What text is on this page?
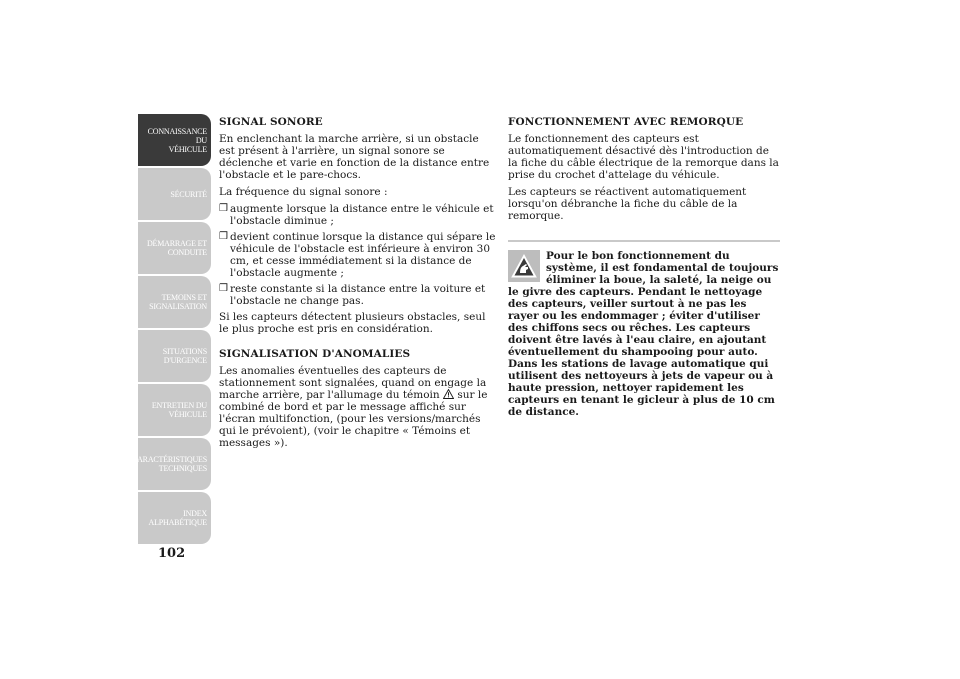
CONNAISSANCE DU
VÉHICULE
SÉCURITÉ
DÉMARRAGE ET
CONDUITE
TEMOINS ET
SIGNALISATION
SITUATIONS
D'URGENCE
ENTRETIEN DU
VÉHICULE
CARACTÉRISTIQUES
TECHNIQUES
INDEX
ALPHABÉTIQUE
102
SIGNAL SONORE
En enclenchant la marche arrière, si un obstacle est présent à l'arrière, un signal sonore se déclenche et varie en fonction de la distance entre l'obstacle et le pare-chocs.
La fréquence du signal sonore :
❒ augmente lorsque la distance entre le véhicule et l'obstacle diminue ;
❒ devient continue lorsque la distance qui sépare le véhicule de l'obstacle est inférieure à environ 30 cm, et cesse immédiatement si la distance de l'obstacle augmente ;
❒ reste constante si la distance entre la voiture et l'obstacle ne change pas.
Si les capteurs détectent plusieurs obstacles, seul le plus proche est pris en considération.
SIGNALISATION D'ANOMALIES
Les anomalies éventuelles des capteurs de stationnement sont signalées, quand on engage la marche arrière, par l'allumage du témoin sur le combiné de bord et par le message affiché sur l'écran multifonction, (pour les versions/marchés qui le prévoient), (voir le chapitre « Témoins et messages »).
FONCTIONNEMENT AVEC REMORQUE
Le fonctionnement des capteurs est automatiquement désactivé dès l'introduction de la fiche du câble électrique de la remorque dans la prise du crochet d'attelage du véhicule.
Les capteurs se réactivent automatiquement lorsqu'on débranche la fiche du câble de la remorque.
Pour le bon fonctionnement du système, il est fondamental de toujours éliminer la boue, la saleté, la neige ou le givre des capteurs. Pendant le nettoyage des capteurs, veiller surtout à ne pas les rayer ou les endommager ; éviter d'utiliser des chiffons secs ou rêches. Les capteurs doivent être lavés à l'eau claire, en ajoutant éventuellement du shampooing pour auto. Dans les stations de lavage automatique qui utilisent des nettoyeurs à jets de vapeur ou à haute pression, nettoyer rapidement les capteurs en tenant le gicleur à plus de 10 cm de distance.
